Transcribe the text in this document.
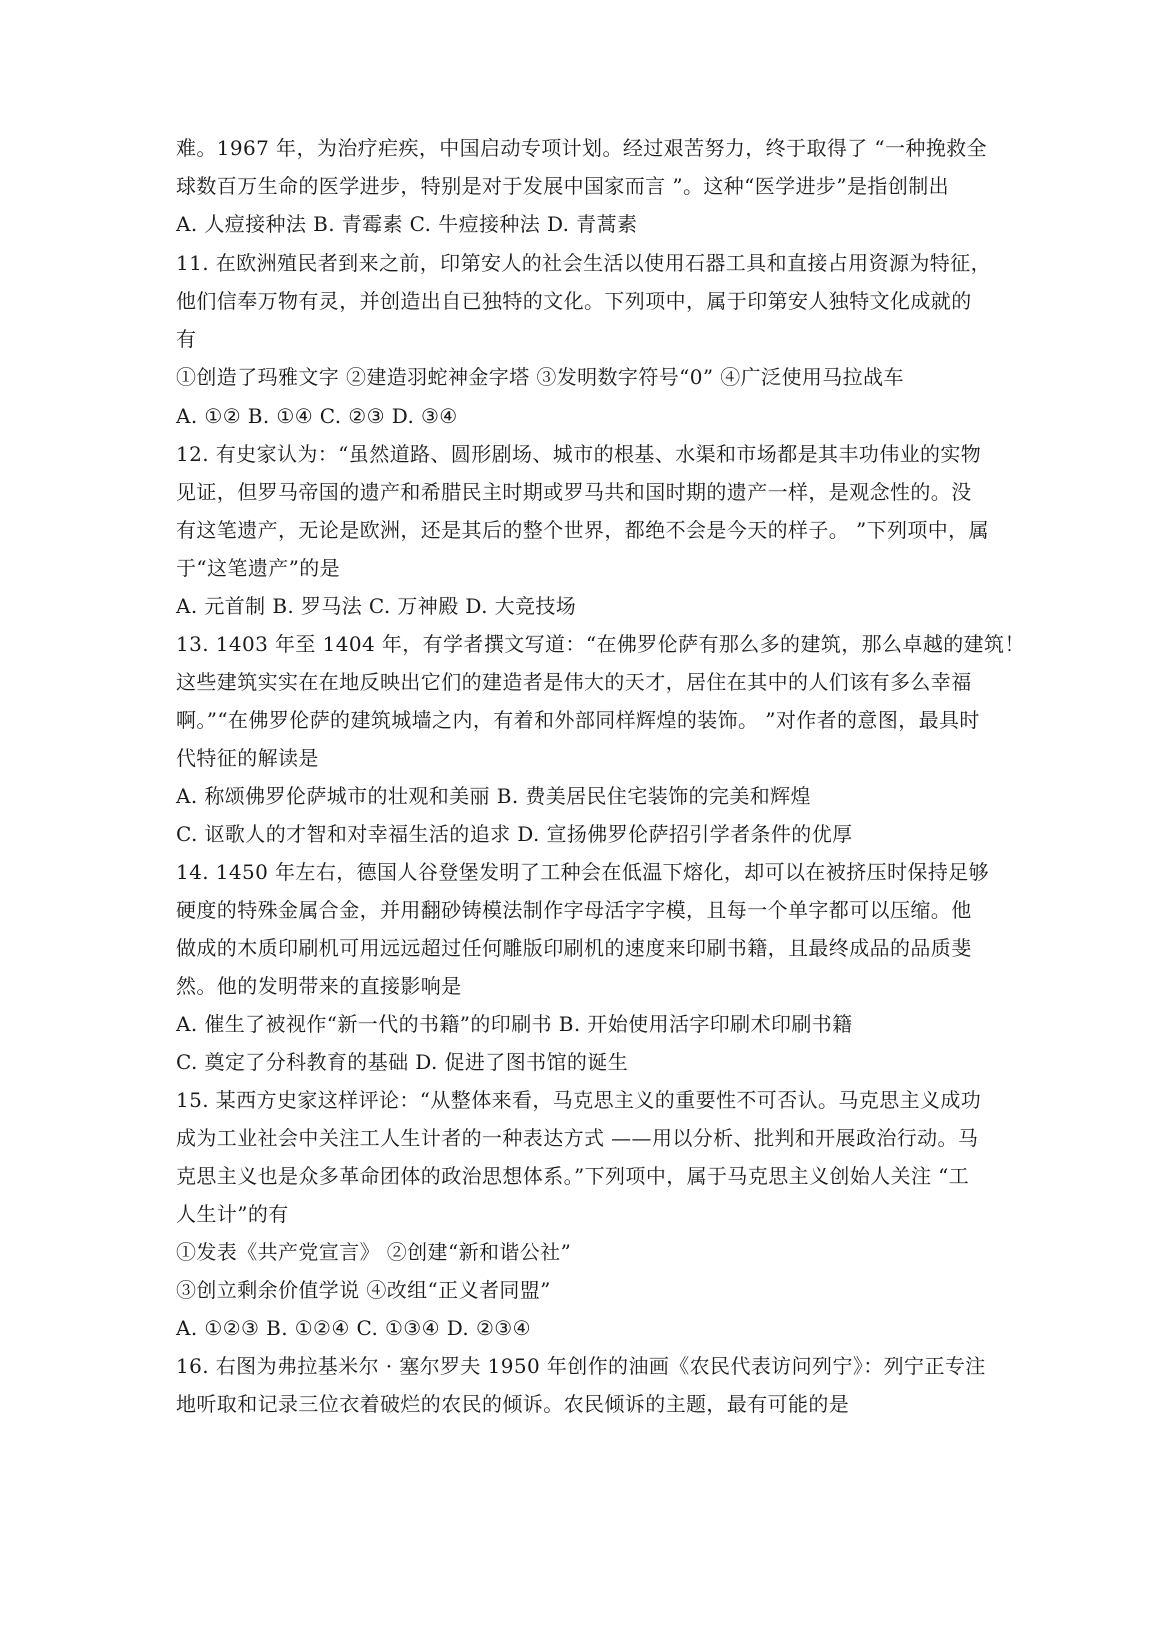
难。1967 年，为治疗疟疾，中国启动专项计划。经过艰苦努力，终于取得了 “一种挽救全
球数百万生命的医学进步，特别是对于发展中国家而言 ”。这种“医学进步”是指创制出
A. 人痘接种法 B. 青霉素 C. 牛痘接种法 D. 青蒿素
11. 在欧洲殖民者到来之前，印第安人的社会生活以使用石器工具和直接占用资源为特征，
他们信奉万物有灵，并创造出自已独特的文化。下列项中，属于印第安人独特文化成就的
有
①创造了玛雅文字 ②建造羽蛇神金字塔 ③发明数字符号“0” ④广泛使用马拉战车
A. ①② B. ①④ C. ②③ D. ③④
12. 有史家认为：“虽然道路、圆形剧场、城市的根基、水渠和市场都是其丰功伟业的实物
见证，但罗马帝国的遗产和希腊民主时期或罗马共和国时期的遗产一样，是观念性的。没
有这笔遗产，无论是欧洲，还是其后的整个世界，都绝不会是今天的样子。 ”下列项中，属
于“这笔遗产”的是
A. 元首制 B. 罗马法 C. 万神殿 D. 大竞技场
13. 1403 年至 1404 年，有学者撰文写道：“在佛罗伦萨有那么多的建筑，那么卓越的建筑！
这些建筑实实在在地反映出它们的建造者是伟大的天才，居住在其中的人们该有多么幸福
啊。”“在佛罗伦萨的建筑城墙之内，有着和外部同样辉煌的装饰。 ”对作者的意图，最具时
代特征的解读是
A. 称颂佛罗伦萨城市的壮观和美丽 B. 费美居民住宅装饰的完美和辉煌
C. 讴歌人的才智和对幸福生活的追求 D. 宣扬佛罗伦萨招引学者条件的优厚
14. 1450 年左右，德国人谷登堡发明了工种会在低温下熔化，却可以在被挤压时保持足够
硬度的特殊金属合金，并用翻砂铸模法制作字母活字字模，且每一个单字都可以压缩。他
做成的木质印刷机可用远远超过任何雕版印刷机的速度来印刷书籍，且最终成品的品质斐
然。他的发明带来的直接影响是
A. 催生了被视作“新一代的书籍”的印刷书 B. 开始使用活字印刷术印刷书籍
C. 奠定了分科教育的基础 D. 促进了图书馆的诞生
15. 某西方史家这样评论：“从整体来看，马克思主义的重要性不可否认。马克思主义成功
成为工业社会中关注工人生计者的一种表达方式 ——用以分析、批判和开展政治行动。马
克思主义也是众多革命团体的政治思想体系。”下列项中，属于马克思主义创始人关注 “工
人生计”的有
①发表《共产党宣言》 ②创建“新和谐公社”
③创立剩余价值学说 ④改组“正义者同盟”
A. ①②③ B. ①②④ C. ①③④ D. ②③④
16. 右图为弗拉基米尔 · 塞尔罗夫 1950 年创作的油画《农民代表访问列宁》：列宁正专注
地听取和记录三位衣着破烂的农民的倾诉。农民倾诉的主题，最有可能的是
